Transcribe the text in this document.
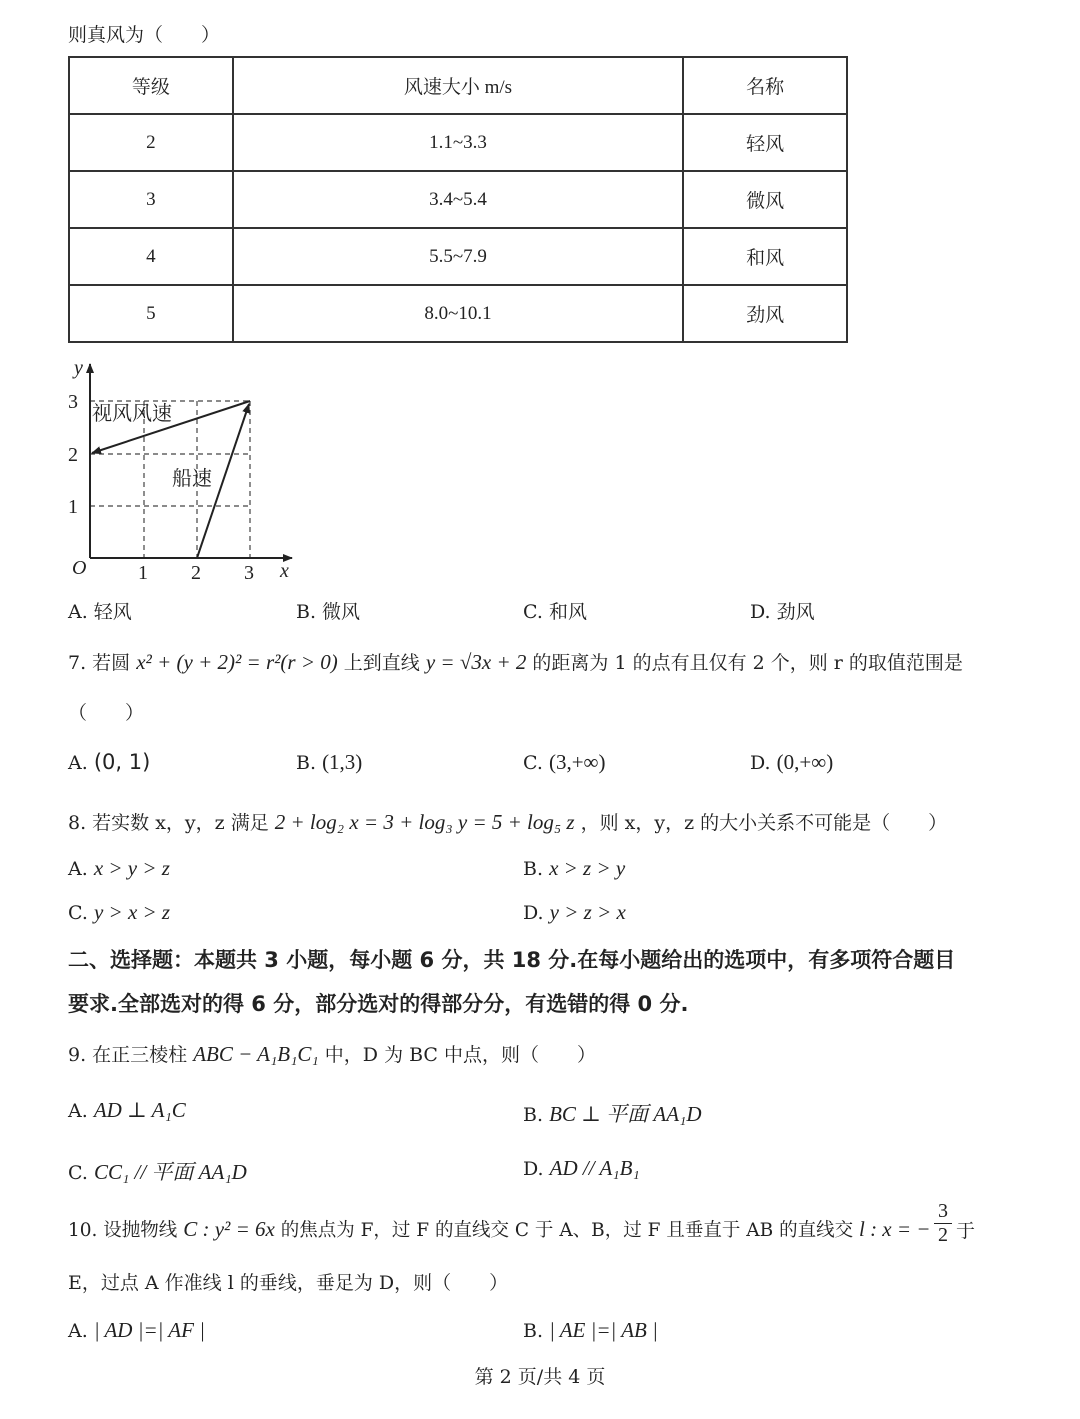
则真风为（　　）
等级	风速大小 m/s	名称
2	1.1~3.3	轻风
3	3.4~5.4	微风
4	5.5~7.9	和风
5	8.0~10.1	劲风
y
x
O	1 2 3
1
2
3 视风风速
船速
A. 轻风	B. 微风	C. 和风	D. 劲风
7. 若圆 x² + (y + 2)² = r²(r > 0) 上到直线 y = √3x + 2 的距离为 1 的点有且仅有 2 个，则 r 的取值范围是
（　　）
A. (0, 1)	B. (1,3)	C. (3,+∞)	D. (0,+∞)
8. 若实数 x，y，z 满足 2 + log₂ x = 3 + log₃ y = 5 + log₅ z ，则 x，y，z 的大小关系不可能是（　　）
A. x > y > z	B. x > z > y
C. y > x > z	D. y > z > x
二、选择题：本题共 3 小题，每小题 6 分，共 18 分.在每小题给出的选项中，有多项符合题目
要求.全部选对的得 6 分，部分选对的得部分分，有选错的得 0 分.
9. 在正三棱柱 ABC − A₁B₁C₁ 中，D 为 BC 中点，则（　　）
A. AD ⊥ A₁C	B. BC ⊥ 平面 AA₁D
C. CC₁ // 平面 AA₁D	D. AD // A₁B₁
10. 设抛物线 C : y² = 6x 的焦点为 F，过 F 的直线交 C 于 A、B，过 F 且垂直于 AB 的直线交 l : x = −
3
2 于
E，过点 A 作准线 l 的垂线，垂足为 D，则（　　）
A. | AD |=| AF |	B. | AE |=| AB |
第 2 页/共 4 页
